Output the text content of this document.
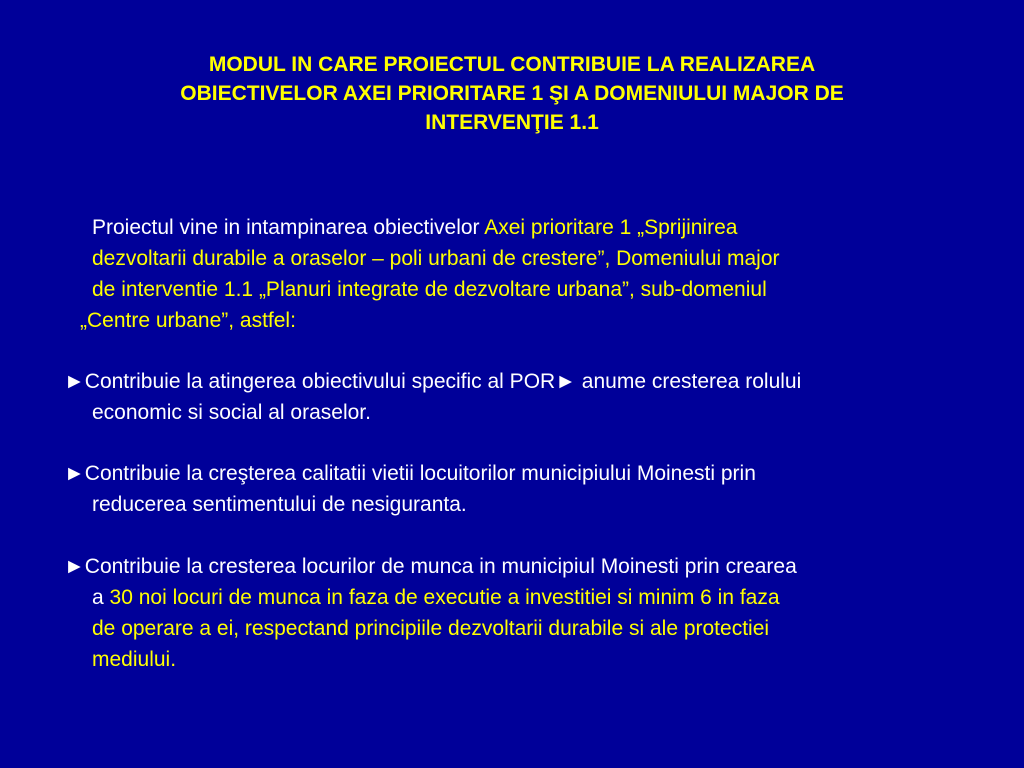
MODUL IN CARE PROIECTUL CONTRIBUIE LA REALIZAREA
OBIECTIVELOR AXEI PRIORITARE 1 ŞI A DOMENIULUI MAJOR DE
INTERVENŢIE 1.1
Proiectul vine in intampinarea obiectivelor Axei prioritare 1 „Sprijinirea
dezvoltarii durabile a oraselor – poli urbani de crestere”, Domeniului major
de interventie 1.1 „Planuri integrate de dezvoltare urbana”, sub-domeniul
„Centre urbane”, astfel:
►Contribuie la atingerea obiectivului specific al POR► anume cresterea rolului
economic si social al oraselor.
►Contribuie la creşterea calitatii vietii locuitorilor municipiului Moinesti prin
reducerea sentimentului de nesiguranta.
►Contribuie la cresterea locurilor de munca in municipiul Moinesti prin crearea
a 30 noi locuri de munca in faza de executie a investitiei si minim 6 in faza
de operare a ei, respectand principiile dezvoltarii durabile si ale protectiei
mediului.
